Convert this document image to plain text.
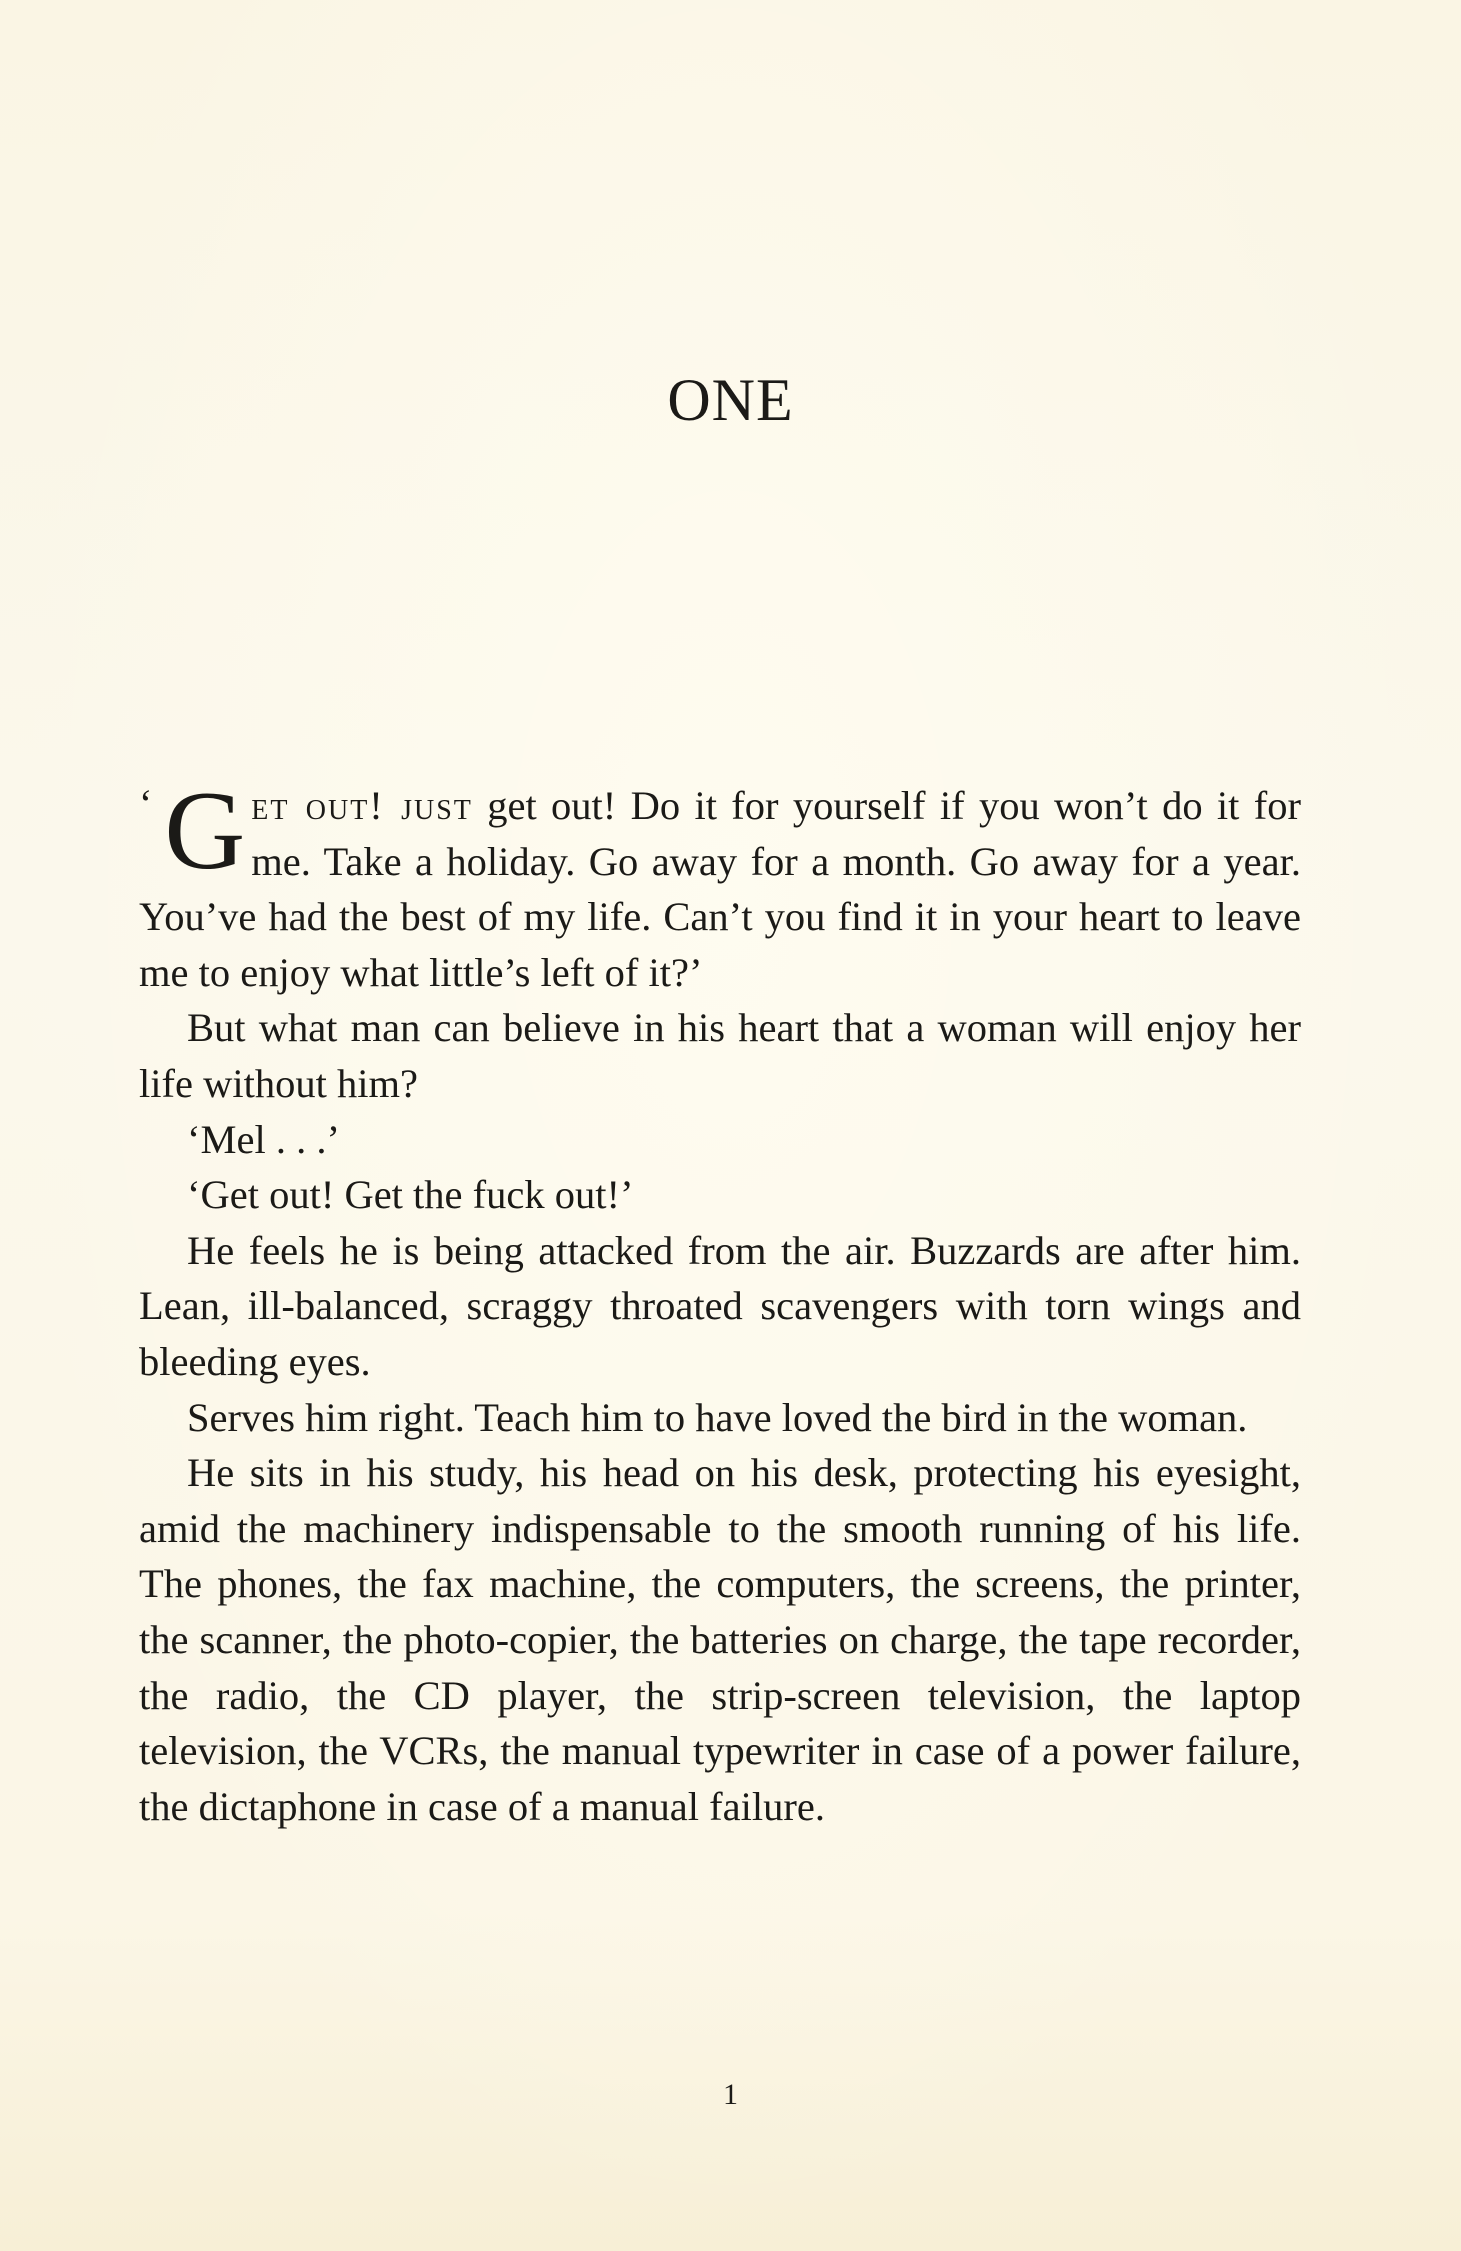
ONE

‘ G et out! just get out! Do it for yourself if you won’t do it for me. Take a holiday. Go away for a month. Go away for a year. You’ve had the best of my life. Can’t you find it in your heart to leave me to enjoy what little’s left of it?’

But what man can believe in his heart that a woman will enjoy her life without him?

‘Mel . . .’

‘Get out! Get the fuck out!’

He feels he is being attacked from the air. Buzzards are after him. Lean, ill-balanced, scraggy throated scavengers with torn wings and bleeding eyes.

Serves him right. Teach him to have loved the bird in the woman.

He sits in his study, his head on his desk, protecting his eyesight, amid the machinery indispensable to the smooth running of his life. The phones, the fax machine, the computers, the screens, the printer, the scanner, the photo-copier, the batteries on charge, the tape recorder, the radio, the CD player, the strip-screen television, the laptop television, the VCRs, the manual typewriter in case of a power failure, the dictaphone in case of a manual failure.

1
